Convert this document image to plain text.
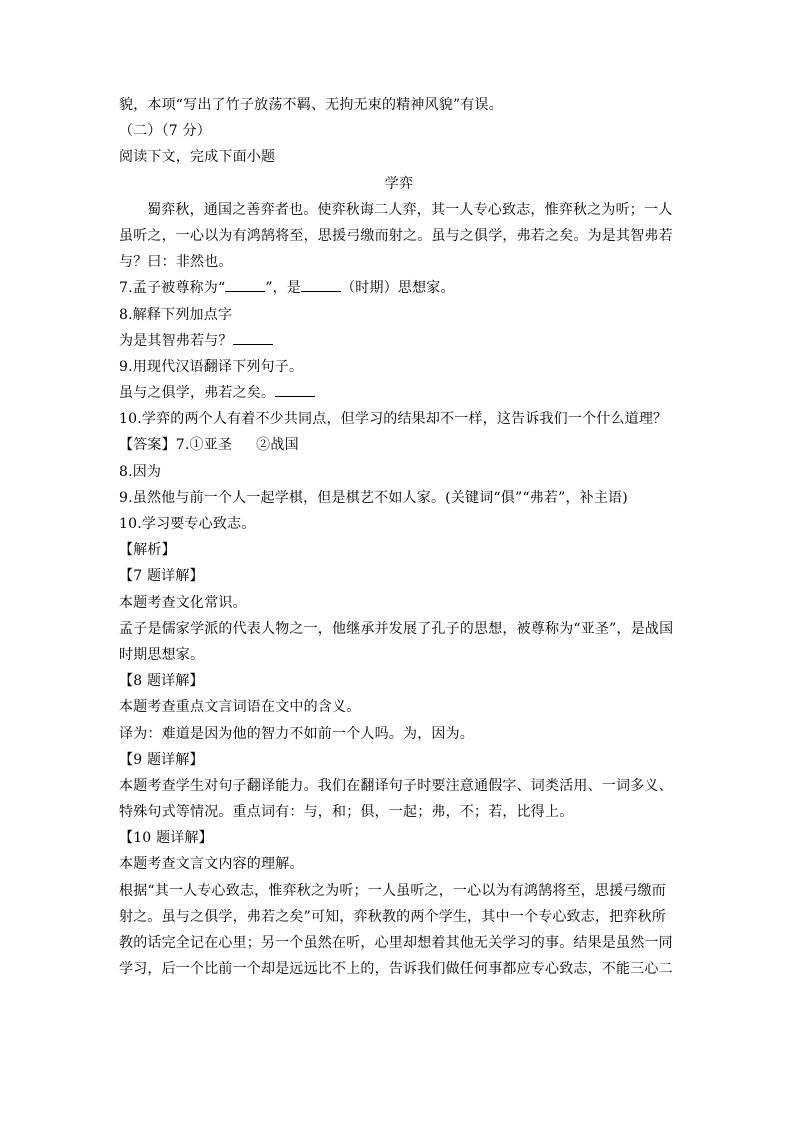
貌，本项“写出了竹子放荡不羁、无拘无束的精神风貌”有误。
（二）（7 分）
阅读下文，完成下面小题
学弈
蜀弈秋，通国之善弈者也。使弈秋诲二人弈，其一人专心致志，惟弈秋之为听；一人
虽听之，一心以为有鸿鹄将至，思援弓缴而射之。虽与之俱学，弗若之矣。为是其智弗若
与？曰：非然也。
7.孟子被尊称为“	”，是	（时期）思想家。
8.解释下列加点字
为是其智弗若与？
9.用现代汉语翻译下列句子。
虽与之俱学，弗若之矣。
10.学弈的两个人有着不少共同点，但学习的结果却不一样，这告诉我们一个什么道理？
【答案】7.①亚圣 ②战国
8.因为
9.虽然他与前一个人一起学棋，但是棋艺不如人家。(关键词“俱”“弗若”，补主语)
10.学习要专心致志。
【解析】
【7 题详解】
本题考查文化常识。
孟子是儒家学派的代表人物之一，他继承并发展了孔子的思想，被尊称为“亚圣”，是战国
时期思想家。
【8 题详解】
本题考查重点文言词语在文中的含义。
译为：难道是因为他的智力不如前一个人吗。为，因为。
【9 题详解】
本题考查学生对句子翻译能力。我们在翻译句子时要注意通假字、词类活用、一词多义、
特殊句式等情况。重点词有：与，和；俱，一起；弗，不；若，比得上。
【10 题详解】
本题考查文言文内容的理解。
根据“其一人专心致志，惟弈秋之为听；一人虽听之，一心以为有鸿鹄将至，思援弓缴而
射之。虽与之俱学，弗若之矣”可知，弈秋教的两个学生，其中一个专心致志，把弈秋所
教的话完全记在心里；另一个虽然在听，心里却想着其他无关学习的事。结果是虽然一同
学习，后一个比前一个却是远远比不上的，告诉我们做任何事都应专心致志，不能三心二
